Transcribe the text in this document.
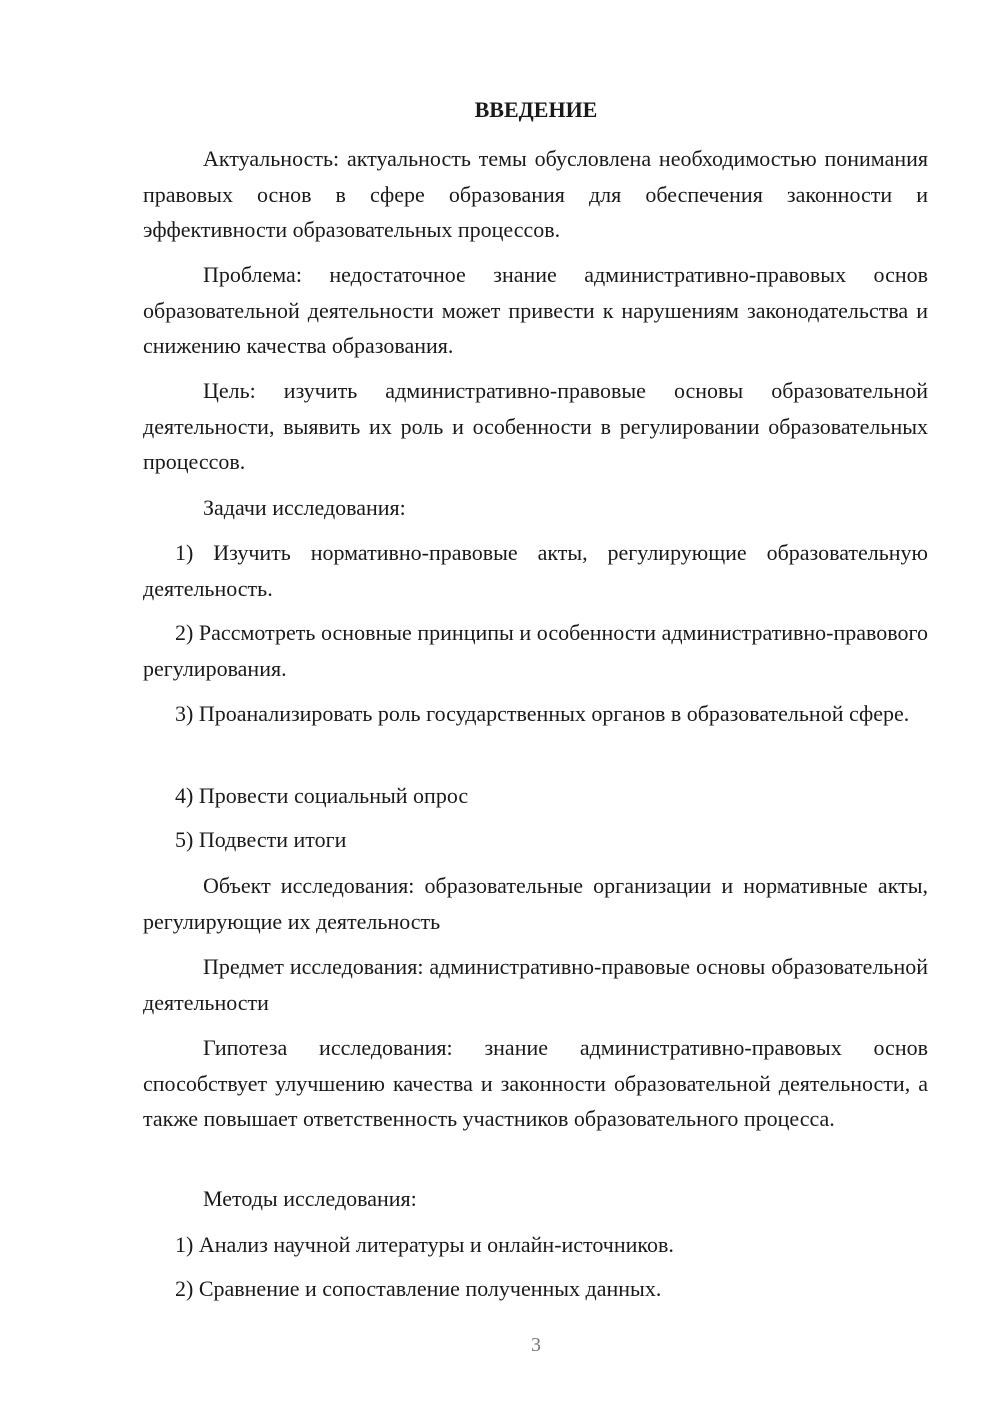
ВВЕДЕНИЕ

Актуальность: актуальность темы обусловлена необходимостью понимания правовых основ в сфере образования для обеспечения законности и эффективности образовательных процессов.

Проблема: недостаточное знание административно-правовых основ образовательной деятельности может привести к нарушениям законодательства и снижению качества образования.

Цель: изучить административно-правовые основы образовательной деятельности, выявить их роль и особенности в регулировании образовательных процессов.

Задачи исследования:

1) Изучить нормативно-правовые акты, регулирующие образовательную деятельность.

2) Рассмотреть основные принципы и особенности административно-правового регулирования.

3) Проанализировать роль государственных органов в образовательной сфере.

4) Провести социальный опрос

5) Подвести итоги

Объект исследования: образовательные организации и нормативные акты, регулирующие их деятельность

Предмет исследования: административно-правовые основы образовательной деятельности

Гипотеза исследования: знание административно-правовых основ способствует улучшению качества и законности образовательной деятельности, а также повышает ответственность участников образовательного процесса.

Методы исследования:

1) Анализ научной литературы и онлайн-источников.

2) Сравнение и сопоставление полученных данных.

3
